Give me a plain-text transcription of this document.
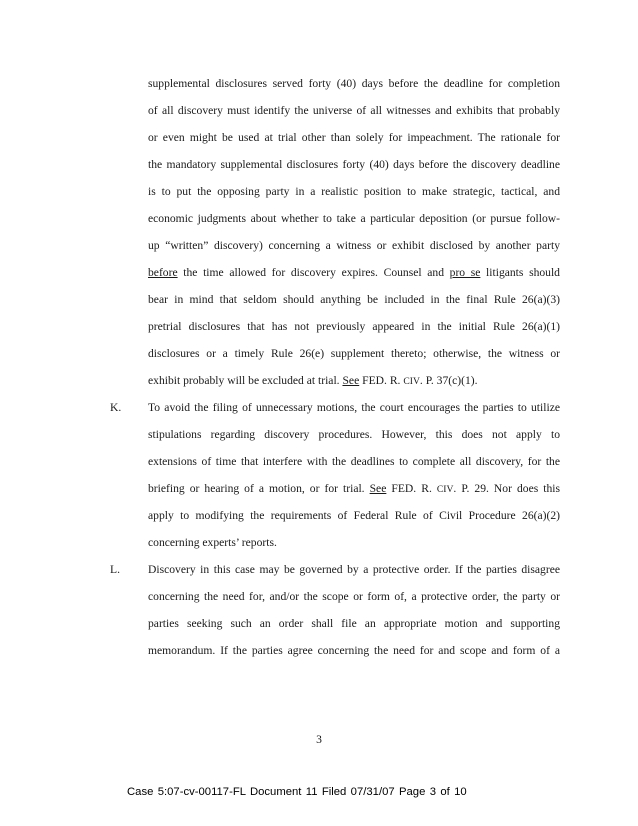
supplemental disclosures served forty (40) days before the deadline for completion
of all discovery must identify the universe of all witnesses and exhibits that probably
or even might be used at trial other than solely for impeachment. The rationale for
the mandatory supplemental disclosures forty (40) days before the discovery deadline
is to put the opposing party in a realistic position to make strategic, tactical, and
economic judgments about whether to take a particular deposition (or pursue follow-
up “written” discovery) concerning a witness or exhibit disclosed by another party
before the time allowed for discovery expires. Counsel and pro se litigants should
bear in mind that seldom should anything be included in the final Rule 26(a)(3)
pretrial disclosures that has not previously appeared in the initial Rule 26(a)(1)
disclosures or a timely Rule 26(e) supplement thereto; otherwise, the witness or
exhibit probably will be excluded at trial. See FED. R. CIV. P. 37(c)(1).
K. To avoid the filing of unnecessary motions, the court encourages the parties to utilize
stipulations regarding discovery procedures. However, this does not apply to
extensions of time that interfere with the deadlines to complete all discovery, for the
briefing or hearing of a motion, or for trial. See FED. R. CIV. P. 29. Nor does this
apply to modifying the requirements of Federal Rule of Civil Procedure 26(a)(2)
concerning experts’ reports.
L. Discovery in this case may be governed by a protective order. If the parties disagree
concerning the need for, and/or the scope or form of, a protective order, the party or
parties seeking such an order shall file an appropriate motion and supporting
memorandum. If the parties agree concerning the need for and scope and form of a
3
Case 5:07-cv-00117-FL Document 11 Filed 07/31/07 Page 3 of 10
